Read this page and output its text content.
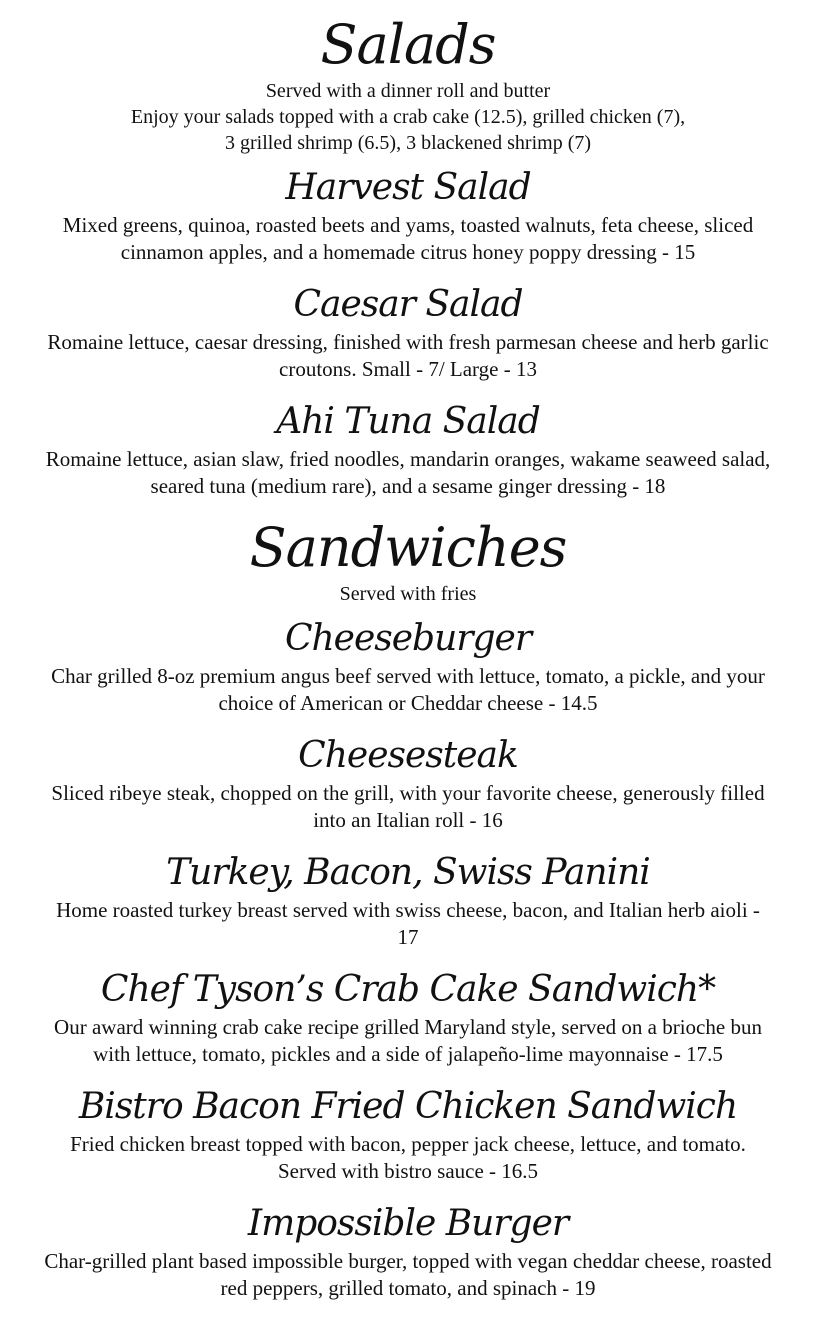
Salads

Served with a dinner roll and butter

Enjoy your salads topped with a crab cake (12.5), grilled chicken (7),

3 grilled shrimp (6.5), 3 blackened shrimp (7)

Harvest Salad

Mixed greens, quinoa, roasted beets and yams, toasted walnuts, feta cheese, sliced cinnamon apples, and a homemade citrus honey poppy dressing - 15

Caesar Salad

Romaine lettuce, caesar dressing, finished with fresh parmesan cheese and herb garlic croutons. Small - 7/ Large - 13

Ahi Tuna Salad

Romaine lettuce, asian slaw, fried noodles, mandarin oranges, wakame seaweed salad, seared tuna (medium rare), and a sesame ginger dressing - 18

Sandwiches

Served with fries

Cheeseburger

Char grilled 8-oz premium angus beef served with lettuce, tomato, a pickle, and your choice of American or Cheddar cheese - 14.5

Cheesesteak

Sliced ribeye steak, chopped on the grill, with your favorite cheese, generously filled into an Italian roll - 16

Turkey, Bacon, Swiss Panini

Home roasted turkey breast served with swiss cheese, bacon, and Italian herb aioli - 17

Chef Tyson’s Crab Cake Sandwich*

Our award winning crab cake recipe grilled Maryland style, served on a brioche bun with lettuce, tomato, pickles and a side of jalapeño-lime mayonnaise - 17.5

Bistro Bacon Fried Chicken Sandwich

Fried chicken breast topped with bacon, pepper jack cheese, lettuce, and tomato. Served with bistro sauce - 16.5

Impossible Burger

Char-grilled plant based impossible burger, topped with vegan cheddar cheese, roasted red peppers, grilled tomato, and spinach - 19
